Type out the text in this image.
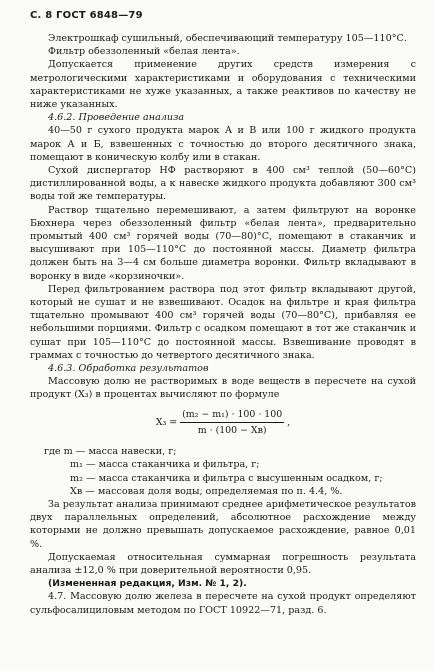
С. 8 ГОСТ 6848—79

Электрошкаф сушильный, обеспечивающий температуру 105—110°С.

Фильтр обеззоленный «белая лента».

Допускается применение других средств измерения с метрологическими характеристиками и оборудования с техническими характеристиками не хуже указанных, а также реактивов по качеству не ниже указанных.

4.6.2. Проведение анализа

40—50 г сухого продукта марок А и В или 100 г жидкого продукта марок А и Б, взвешенных с точностью до второго десятичного знака, помещают в коническую колбу или в стакан.

Сухой диспергатор НФ растворяют в 400 см³ теплой (50—60°С) дистиллированной воды, а к навеске жидкого продукта добавляют 300 см³ воды той же температуры.

Раствор тщательно перемешивают, а затем фильтруют на воронке Бюхнера через обеззоленный фильтр «белая лента», предварительно промытый 400 см³ горячей воды (70—80)°С, помещают в стаканчик и высушивают при 105—110°С до постоянной массы. Диаметр фильтра должен быть на 3—4 см больше диаметра воронки. Фильтр вкладывают в воронку в виде «корзиночки».

Перед фильтрованием раствора под этот фильтр вкладывают другой, который не сушат и не взвешивают. Осадок на фильтре и края фильтра тщательно промывают 400 см³ горячей воды (70—80°С), прибавляя ее небольшими порциями. Фильтр с осадком помещают в тот же стаканчик и сушат при 105—110°С до постоянной массы. Взвешивание проводят в граммах с точностью до четвертого десятичного знака.

4.6.3. Обработка результатов

Массовую долю не растворимых в воде веществ в пересчете на сухой продукт (X₃) в процентах вычисляют по формуле

$X_3 = \frac{\text{(m₂ − m₁) · 100 · 100}}{m \cdot (100 - Xв)}$ ,

где m — масса навески, г;

m₁ — масса стаканчика и фильтра, г;

m₂ — масса стаканчика и фильтра с высушенным осадком, г;

Xв — массовая доля воды, определяемая по п. 4.4, %.

За результат анализа принимают среднее арифметическое результатов двух параллельных определений, абсолютное расхождение между которыми не должно превышать допускаемое расхождение, равное 0,01 %.

Допускаемая относительная суммарная погрешность результата анализа ±12,0 % при доверительной вероятности 0,95.

(Измененная редакция, Изм. № 1, 2).

4.7. Массовую долю железа в пересчете на сухой продукт определяют сульфосалициловым методом по ГОСТ 10922—71, разд. 6.
